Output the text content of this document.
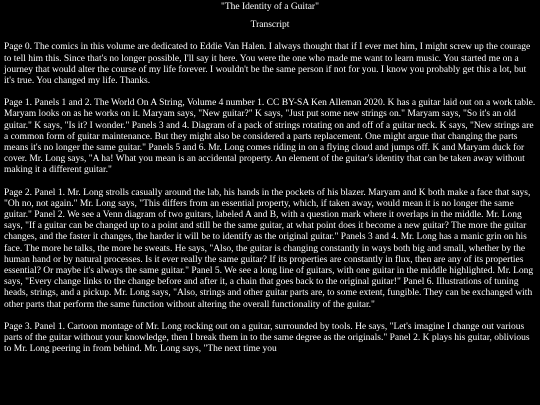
"The Identity of a Guitar"
Transcript

Page 0. The comics in this volume are dedicated to Eddie Van Halen. I always thought that if I ever met him, I might screw up the courage to tell him this. Since that's no longer possible, I'll say it here. You were the one who made me want to learn music. You started me on a journey that would alter the course of my life forever. I wouldn't be the same person if not for you. I know you probably get this a lot, but it's true. You changed my life. Thanks.

Page 1. Panels 1 and 2. The World On A String, Volume 4 number 1. CC BY-SA Ken Alleman 2020. K has a guitar laid out on a work table. Maryam looks on as he works on it. Maryam says, "New guitar?" K says, "Just put some new strings on." Maryam says, "So it's an old guitar." K says, "Is it? I wonder." Panels 3 and 4. Diagram of a pack of strings rotating on and off of a guitar neck. K says, "New strings are a common form of guitar maintenance. But they might also be considered a parts replacement. One might argue that changing the parts means it's no longer the same guitar." Panels 5 and 6. Mr. Long comes riding in on a flying cloud and jumps off. K and Maryam duck for cover. Mr. Long says, "A ha! What you mean is an accidental property. An element of the guitar's identity that can be taken away without making it a different guitar."

Page 2. Panel 1. Mr. Long strolls casually around the lab, his hands in the pockets of his blazer. Maryam and K both make a face that says, "Oh no, not again." Mr. Long says, "This differs from an essential property, which, if taken away, would mean it is no longer the same guitar." Panel 2. We see a Venn diagram of two guitars, labeled A and B, with a question mark where it overlaps in the middle. Mr. Long says, "If a guitar can be changed up to a point and still be the same guitar, at what point does it become a new guitar? The more the guitar changes, and the faster it changes, the harder it will be to identify as the original guitar." Panels 3 and 4. Mr. Long has a manic grin on his face. The more he talks, the more he sweats. He says, "Also, the guitar is changing constantly in ways both big and small, whether by the human hand or by natural processes. Is it ever really the same guitar? If its properties are constantly in flux, then are any of its properties essential? Or maybe it's always the same guitar." Panel 5. We see a long line of guitars, with one guitar in the middle highlighted. Mr. Long says, "Every change links to the change before and after it, a chain that goes back to the original guitar!" Panel 6. Illustrations of tuning heads, strings, and a pickup. Mr. Long says, "Also, strings and other guitar parts are, to some extent, fungible. They can be exchanged with other parts that perform the same function without altering the overall functionality of the guitar."

Page 3. Panel 1. Cartoon montage of Mr. Long rocking out on a guitar, surrounded by tools. He says, "Let's imagine I change out various parts of the guitar without your knowledge, then I break them in to the same degree as the originals." Panel 2. K plays his guitar, oblivious to Mr. Long peering in from behind. Mr. Long says, "The next time you
